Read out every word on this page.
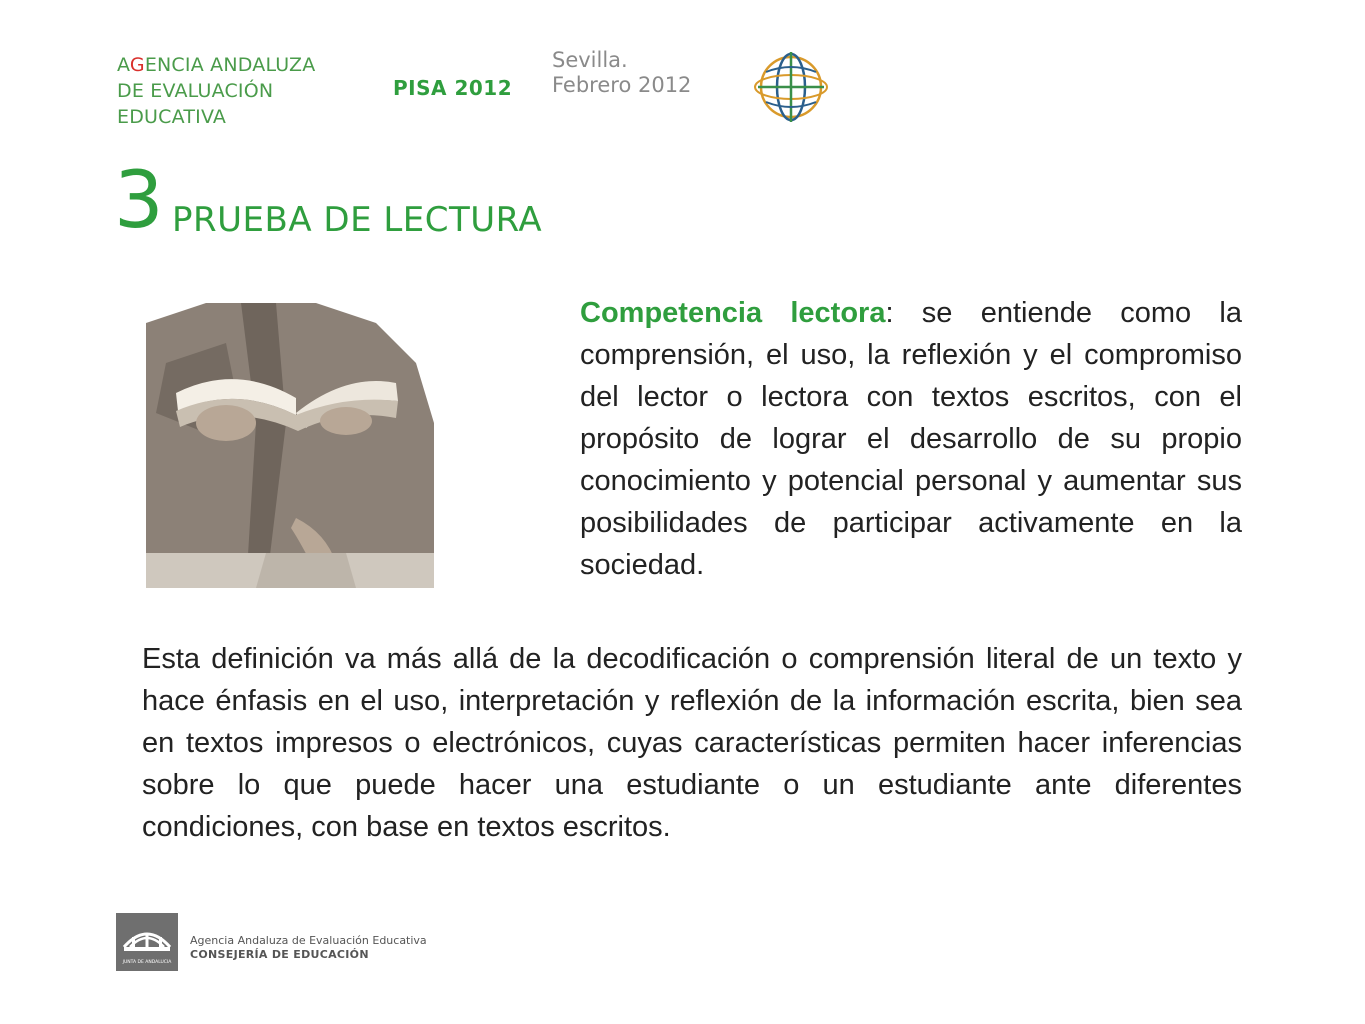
AGENCIA ANDALUZA
DE EVALUACIÓN
EDUCATIVA
PISA 2012
Sevilla.
Febrero 2012
3 PRUEBA DE LECTURA

Competencia lectora: se entiende como la comprensión, el uso, la reflexión y el compromiso del lector o lectora con textos escritos, con el propósito de lograr el desarrollo de su propio conocimiento y potencial personal y aumentar sus posibilidades de participar activamente en la sociedad.

Esta definición va más allá de la decodificación o comprensión literal de un texto y hace énfasis en el uso, interpretación y reflexión de la información escrita, bien sea en textos impresos o electrónicos, cuyas características permiten hacer inferencias sobre lo que puede hacer una estudiante o un estudiante ante diferentes condiciones, con base en textos escritos.

JUNTA DE ANDALUCIA
Agencia Andaluza de Evaluación Educativa
CONSEJERÍA DE EDUCACIÓN
